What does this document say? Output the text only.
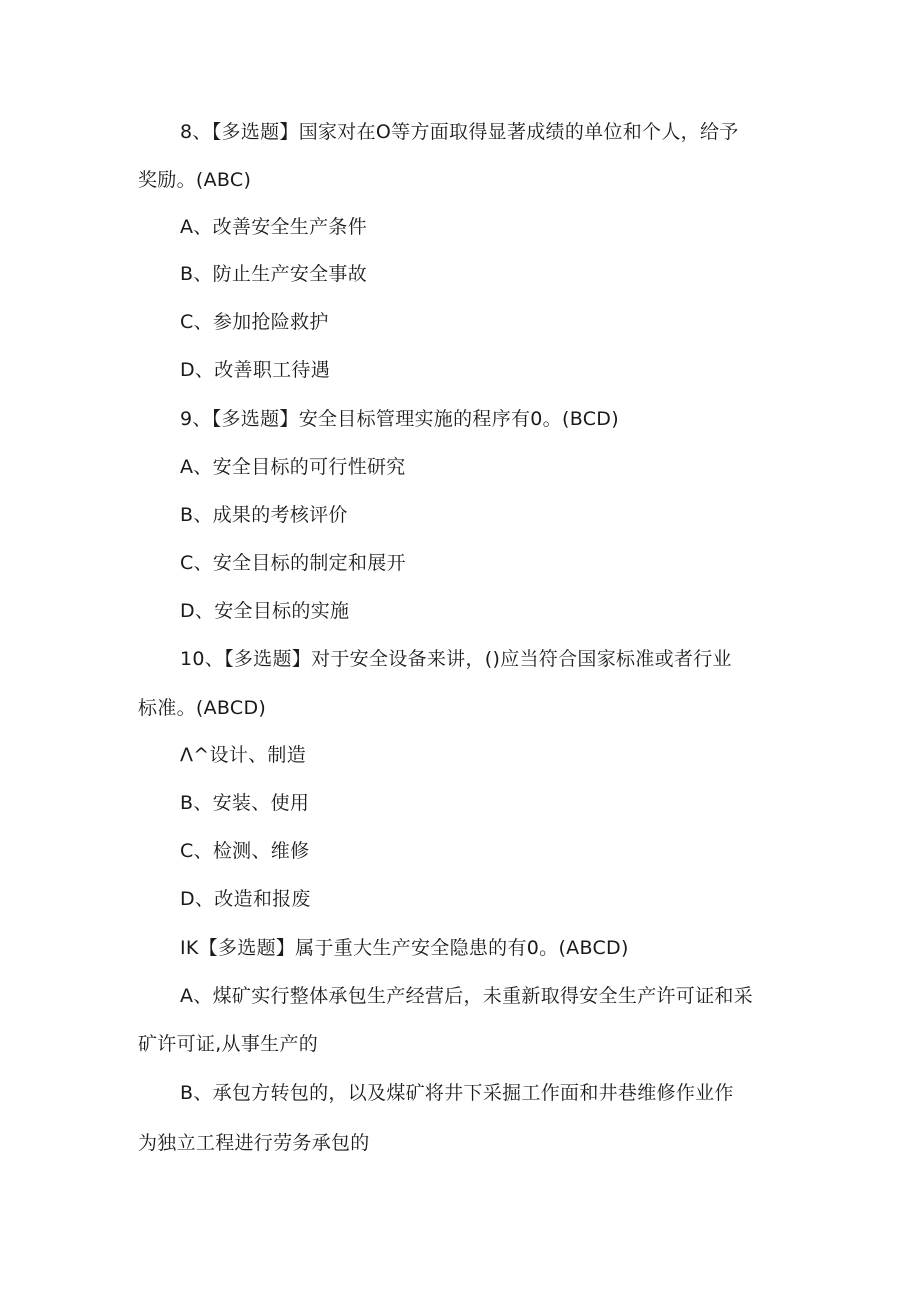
8、【多选题】国家对在O等方面取得显著成绩的单位和个人，给予
奖励。(ABC)
A、改善安全生产条件
B、防止生产安全事故
C、参加抢险救护
D、改善职工待遇
9、【多选题】安全目标管理实施的程序有0。(BCD)
A、安全目标的可行性研究
B、成果的考核评价
C、安全目标的制定和展开
D、安全目标的实施
10、【多选题】对于安全设备来讲，()应当符合国家标准或者行业
标准。(ABCD)
Λ^设计、制造
B、安装、使用
C、检测、维修
D、改造和报废
IK【多选题】属于重大生产安全隐患的有0。(ABCD)
A、煤矿实行整体承包生产经营后，未重新取得安全生产许可证和采
矿许可证,从事生产的
B、承包方转包的，以及煤矿将井下采掘工作面和井巷维修作业作
为独立工程进行劳务承包的
